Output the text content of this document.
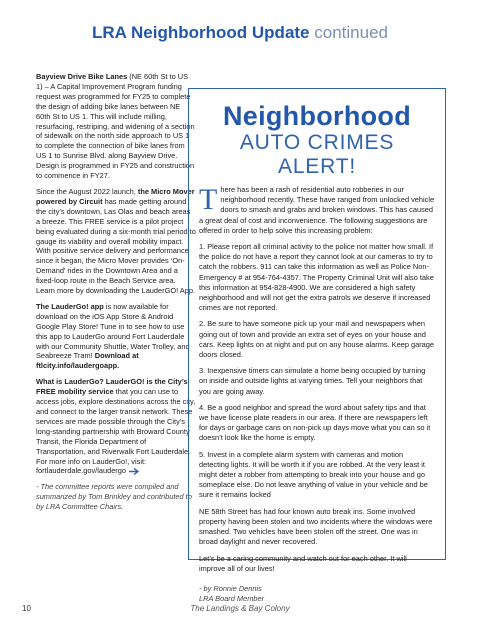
LRA Neighborhood Update continued

Bayview Drive Bike Lanes (NE 60th St to US 1) – A Capital Improvement Program funding request was programmed for FY25 to complete the design of adding bike lanes between NE 60th St to US 1. This will include milling, resurfacing, restriping, and widening of a section of sidewalk on the north side approach to US 1 to complete the connection of bike lanes from US 1 to Sunrise Blvd. along Bayview Drive. Design is programmed in FY25 and construction to commence in FY27.

Since the August 2022 launch, the Micro Mover powered by Circuit has made getting around the city’s downtown, Las Olas and beach areas a breeze. This FREE service is a pilot project being evaluated during a six-month trial period to gauge its viability and overall mobility impact. With positive service delivery and performance since it began, the Micro Mover provides ‘On-Demand’ rides in the Downtown Area and a fixed-loop route in the Beach Service area. Learn more by downloading the LauderGO! App.

The LauderGo! app is now available for download on the iOS App Store & Android Google Play Store! Tune in to see how to use this app to LauderGo around Fort Lauderdale with our Community Shuttle, Water Trolley, and Seabreeze Tram! Download at ftlcity.info/laudergoapp.

What is LauderGo? LauderGO! is the City’s FREE mobility service that you can use to access jobs, explore destinations across the city, and connect to the larger transit network. These services are made possible through the City’s long-standing partnership with Broward County Transit, the Florida Department of Transportation, and Riverwalk Fort Lauderdale. For more info on LauderGo!, visit: fortlauderdale.gov/laudergo

- The committee reports were compiled and summarized by Tom Brinkley and contributed to by LRA Committee Chairs.

Neighborhood
AUTO CRIMES ALERT!

There has been a rash of residential auto robberies in our neighborhood recently. These have ranged from unlocked vehicle doors to smash and grabs and broken windows. This has caused a great deal of cost and inconvenience. The following suggestions are offered in order to help solve this increasing problem:

1. Please report all criminal activity to the police not matter how small. If the police do not have a report they cannot look at our cameras to try to catch the robbers. 911 can take this information as well as Police Non-Emergency # at 954-764-4357. The Property Criminal Unit will also take this information at 954-828-4900. We are considered a high safety neighborhood and will not get the extra patrols we deserve if increased crimes are not reported.

2. Be sure to have someone pick up your mail and newspapers when going out of town and provide an extra set of eyes on your house and cars. Keep lights on at night and put on any house alarms. Keep garage doors closed.

3. Inexpensive timers can simulate a home being occupied by turning on inside and outside lights at varying times. Tell your neighbors that you are going away.

4. Be a good neighbor and spread the word about safety tips and that we have license plate readers in our area. If there are newspapers left for days or garbage cans on non-pick up days move what you can so it doesn’t look like the home is empty.

5. Invest in a complete alarm system with cameras and motion detecting lights. It will be worth it if you are robbed. At the very least it might deter a robber from attempting to break into your house and go someplace else. Do not leave anything of value in your vehicle and be sure it remains locked

NE 58th Street has had four known auto break ins. Some involved property having been stolen and two incidents where the windows were smashed. Two vehicles have been stolen off the street. One was in broad daylight and never recovered.

Let’s be a caring community and watch out for each other. It will improve all of our lives!

- by Ronnie Dennis
LRA Board Member
10	The Landings & Bay Colony
